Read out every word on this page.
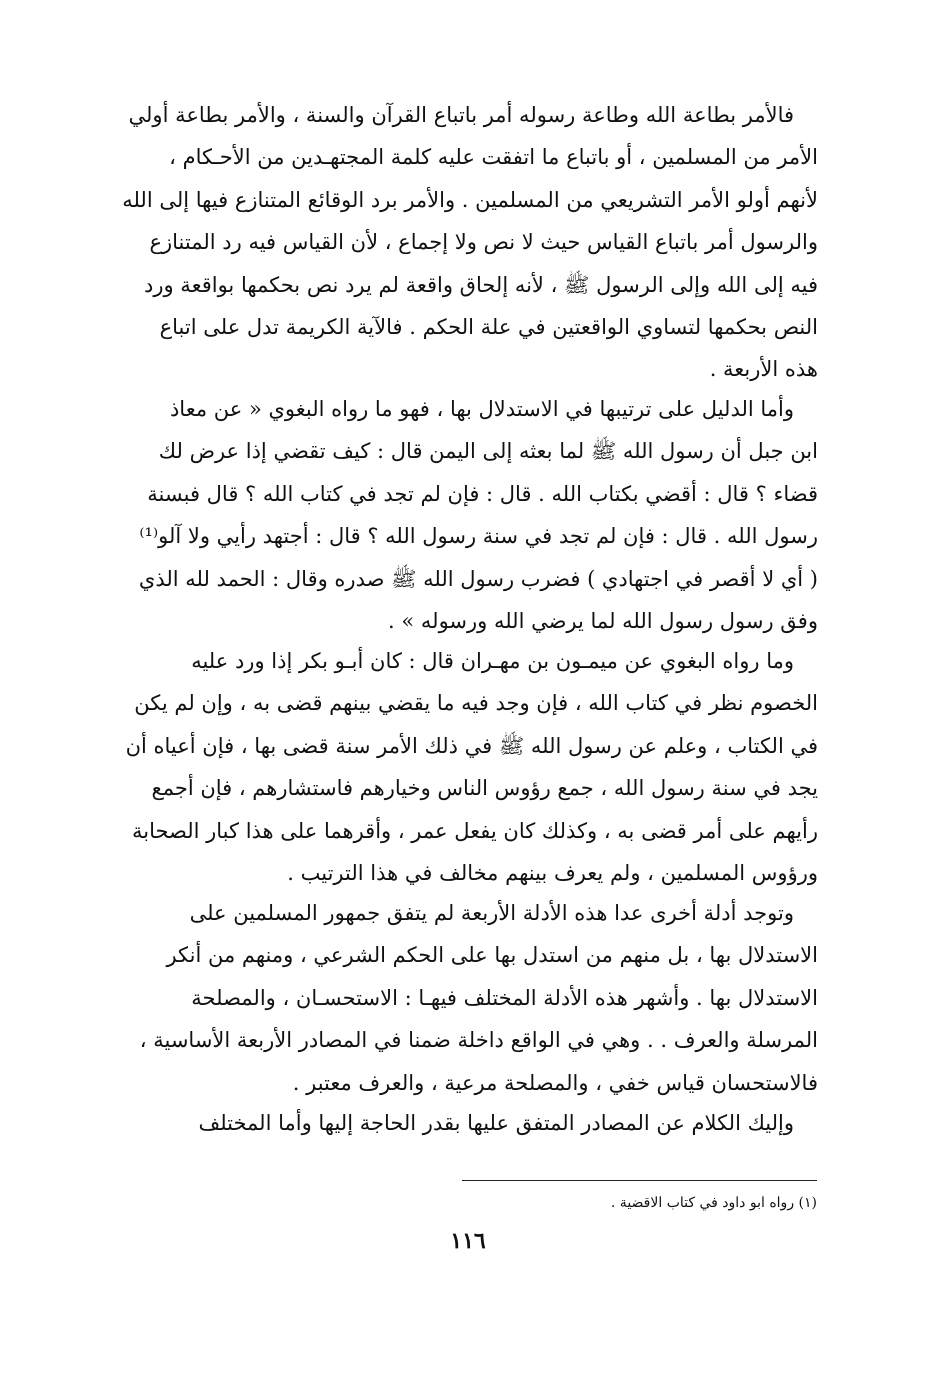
فالأمر بطاعة الله وطاعة رسوله أمر باتباع القرآن والسنة ، والأمر بطاعة أولي
الأمر من المسلمين ، أو باتباع ما اتفقت عليه كلمة المجتهـدين من الأحـكام ،
لأنهم أولو الأمر التشريعي من المسلمين . والأمر برد الوقائع المتنازع فيها إلى الله
والرسول أمر باتباع القياس حيث لا نص ولا إجماع ، لأن القياس فيه رد المتنازع
فيه إلى الله وإلى الرسول ﷺ ، لأنه إلحاق واقعة لم يرد نص بحكمها بواقعة ورد
النص بحكمها لتساوي الواقعتين في علة الحكم . فالآية الكريمة تدل على اتباع
هذه الأربعة .
وأما الدليل على ترتيبها في الاستدلال بها ، فهو ما رواه البغوي « عن معاذ
ابن جبل أن رسول الله ﷺ لما بعثه إلى اليمن قال : كيف تقضي إذا عرض لك
قضاء ؟ قال : أقضي بكتاب الله . قال : فإن لم تجد في كتاب الله ؟ قال فبسنة
رسول الله . قال : فإن لم تجد في سنة رسول الله ؟ قال : أجتهد رأيي ولا آلو⁽¹⁾
( أي لا أقصر في اجتهادي ) فضرب رسول الله ﷺ صدره وقال : الحمد لله الذي
وفق رسول رسول الله لما يرضي الله ورسوله » .
وما رواه البغوي عن ميمـون بن مهـران قال : كان أبـو بكر إذا ورد عليه
الخصوم نظر في كتاب الله ، فإن وجد فيه ما يقضي بينهم قضى به ، وإن لم يكن
في الكتاب ، وعلم عن رسول الله ﷺ في ذلك الأمر سنة قضى بها ، فإن أعياه أن
يجد في سنة رسول الله ، جمع رؤوس الناس وخيارهم فاستشارهم ، فإن أجمع
رأيهم على أمر قضى به ، وكذلك كان يفعل عمر ، وأقرهما على هذا كبار الصحابة
ورؤوس المسلمين ، ولم يعرف بينهم مخالف في هذا الترتيب .
وتوجد أدلة أخرى عدا هذه الأدلة الأربعة لم يتفق جمهور المسلمين على
الاستدلال بها ، بل منهم من استدل بها على الحكم الشرعي ، ومنهم من أنكر
الاستدلال بها . وأشهر هذه الأدلة المختلف فيهـا : الاستحسـان ، والمصلحة
المرسلة والعرف . . وهي في الواقع داخلة ضمنا في المصادر الأربعة الأساسية ،
فالاستحسان قياس خفي ، والمصلحة مرعية ، والعرف معتبر .
وإليك الكلام عن المصادر المتفق عليها بقدر الحاجة إليها وأما المختلف

(١) رواه ابو داود في كتاب الاقضية .

١١٦
